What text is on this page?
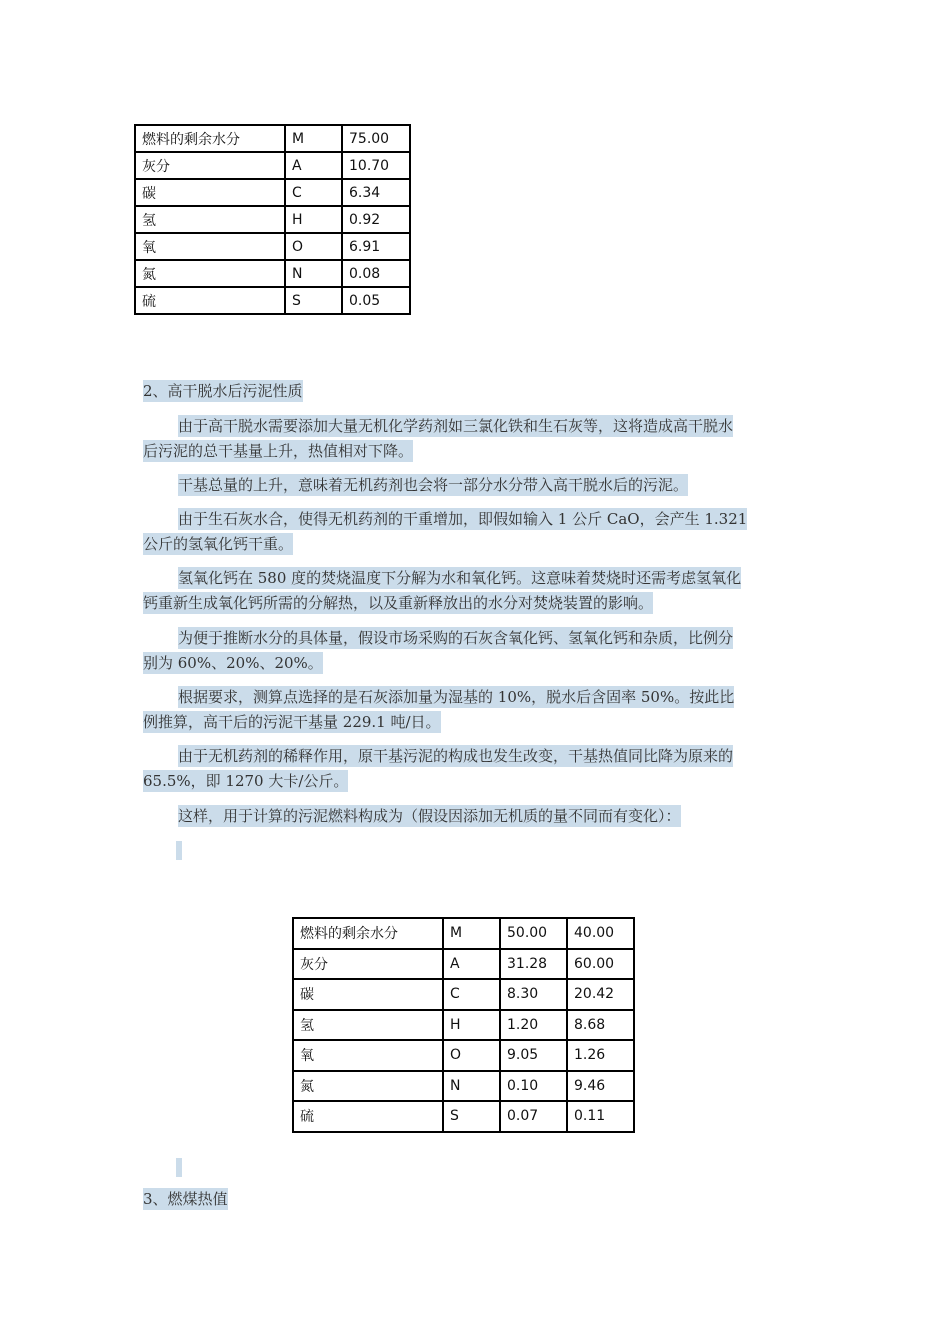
燃料的剩余水分	M	75.00
灰分	A	10.70
碳	C	6.34
氢	H	0.92
氧	O	6.91
氮	N	0.08
硫	S	0.05
2、高干脱水后污泥性质
由于高干脱水需要添加大量无机化学药剂如三氯化铁和生石灰等，这将造成高干脱水
后污泥的总干基量上升，热值相对下降。
干基总量的上升，意味着无机药剂也会将一部分水分带入高干脱水后的污泥。
由于生石灰水合，使得无机药剂的干重增加，即假如输入 1 公斤 CaO，会产生 1.321
公斤的氢氧化钙干重。
氢氧化钙在 580 度的焚烧温度下分解为水和氧化钙。这意味着焚烧时还需考虑氢氧化
钙重新生成氧化钙所需的分解热，以及重新释放出的水分对焚烧装置的影响。
为便于推断水分的具体量，假设市场采购的石灰含氧化钙、氢氧化钙和杂质，比例分
别为 60%、20%、20%。
根据要求，测算点选择的是石灰添加量为湿基的 10%，脱水后含固率 50%。按此比
例推算，高干后的污泥干基量 229.1 吨/日。
由于无机药剂的稀释作用，原干基污泥的构成也发生改变，干基热值同比降为原来的
65.5%，即 1270 大卡/公斤。
这样，用于计算的污泥燃料构成为（假设因添加无机质的量不同而有变化）：
燃料的剩余水分	M	50.00	40.00
灰分	A	31.28	60.00
碳	C	8.30	20.42
氢	H	1.20	8.68
氧	O	9.05	1.26
氮	N	0.10	9.46
硫	S	0.07	0.11
3、燃煤热值
